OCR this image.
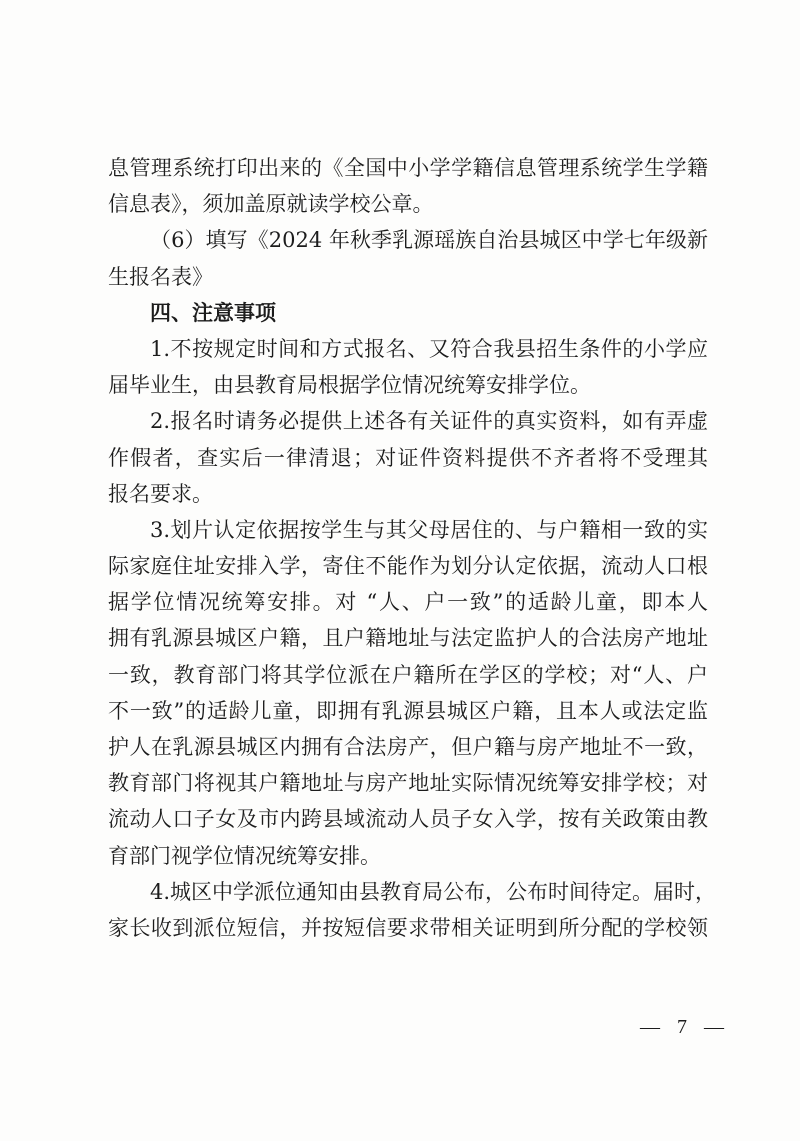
息管理系统打印出来的《全国中小学学籍信息管理系统学生学籍
信息表》，须加盖原就读学校公章。
（6）填写《2024 年秋季乳源瑶族自治县城区中学七年级新
生报名表》
四、注意事项
1.不按规定时间和方式报名、又符合我县招生条件的小学应
届毕业生，由县教育局根据学位情况统筹安排学位。
2.报名时请务必提供上述各有关证件的真实资料，如有弄虚
作假者，查实后一律清退；对证件资料提供不齐者将不受理其
报名要求。
3.划片认定依据按学生与其父母居住的、与户籍相一致的实
际家庭住址安排入学，寄住不能作为划分认定依据，流动人口根
据学位情况统筹安排。对 “人、户一致”的适龄儿童，即本人
拥有乳源县城区户籍，且户籍地址与法定监护人的合法房产地址
一致，教育部门将其学位派在户籍所在学区的学校；对“人、户
不一致”的适龄儿童，即拥有乳源县城区户籍，且本人或法定监
护人在乳源县城区内拥有合法房产，但户籍与房产地址不一致，
教育部门将视其户籍地址与房产地址实际情况统筹安排学校；对
流动人口子女及市内跨县域流动人员子女入学，按有关政策由教
育部门视学位情况统筹安排。
4.城区中学派位通知由县教育局公布，公布时间待定。届时，
家长收到派位短信，并按短信要求带相关证明到所分配的学校领
— 7 —
